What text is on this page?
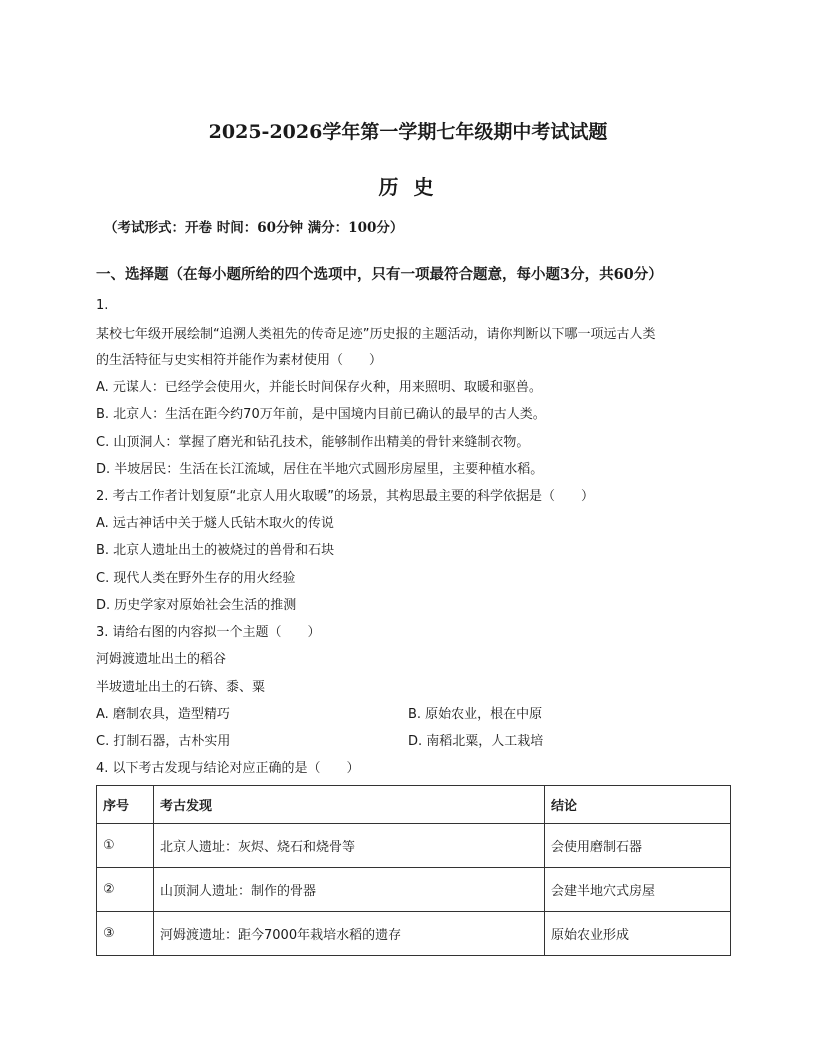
2025-2026学年第一学期七年级期中考试试题
历 史
（考试形式：开卷 时间：60分钟 满分：100分）
一、选择题（在每小题所给的四个选项中，只有一项最符合题意，每小题3分，共60分）
1.
某校七年级开展绘制“追溯人类祖先的传奇足迹”历史报的主题活动，请你判断以下哪一项远古人类
的生活特征与史实相符并能作为素材使用（　　）
A. 元谋人：已经学会使用火，并能长时间保存火种，用来照明、取暖和驱兽。
B. 北京人：生活在距今约70万年前，是中国境内目前已确认的最早的古人类。
C. 山顶洞人：掌握了磨光和钻孔技术，能够制作出精美的骨针来缝制衣物。
D. 半坡居民：生活在长江流域，居住在半地穴式圆形房屋里，主要种植水稻。
2. 考古工作者计划复原“北京人用火取暖”的场景，其构思最主要的科学依据是（　　）
A. 远古神话中关于燧人氏钻木取火的传说
B. 北京人遗址出土的被烧过的兽骨和石块
C. 现代人类在野外生存的用火经验
D. 历史学家对原始社会生活的推测
3. 请给右图的内容拟一个主题（　　）
河姆渡遗址出土的稻谷
半坡遗址出土的石锛、黍、粟
A. 磨制农具，造型精巧	B. 原始农业，根在中原
C. 打制石器，古朴实用	D. 南稻北粟，人工栽培
4. 以下考古发现与结论对应正确的是（　　）
序号	考古发现	结论
①	北京人遗址：灰烬、烧石和烧骨等	会使用磨制石器
②	山顶洞人遗址：制作的骨器	会建半地穴式房屋
③	河姆渡遗址：距今7000年栽培水稻的遗存	原始农业形成
